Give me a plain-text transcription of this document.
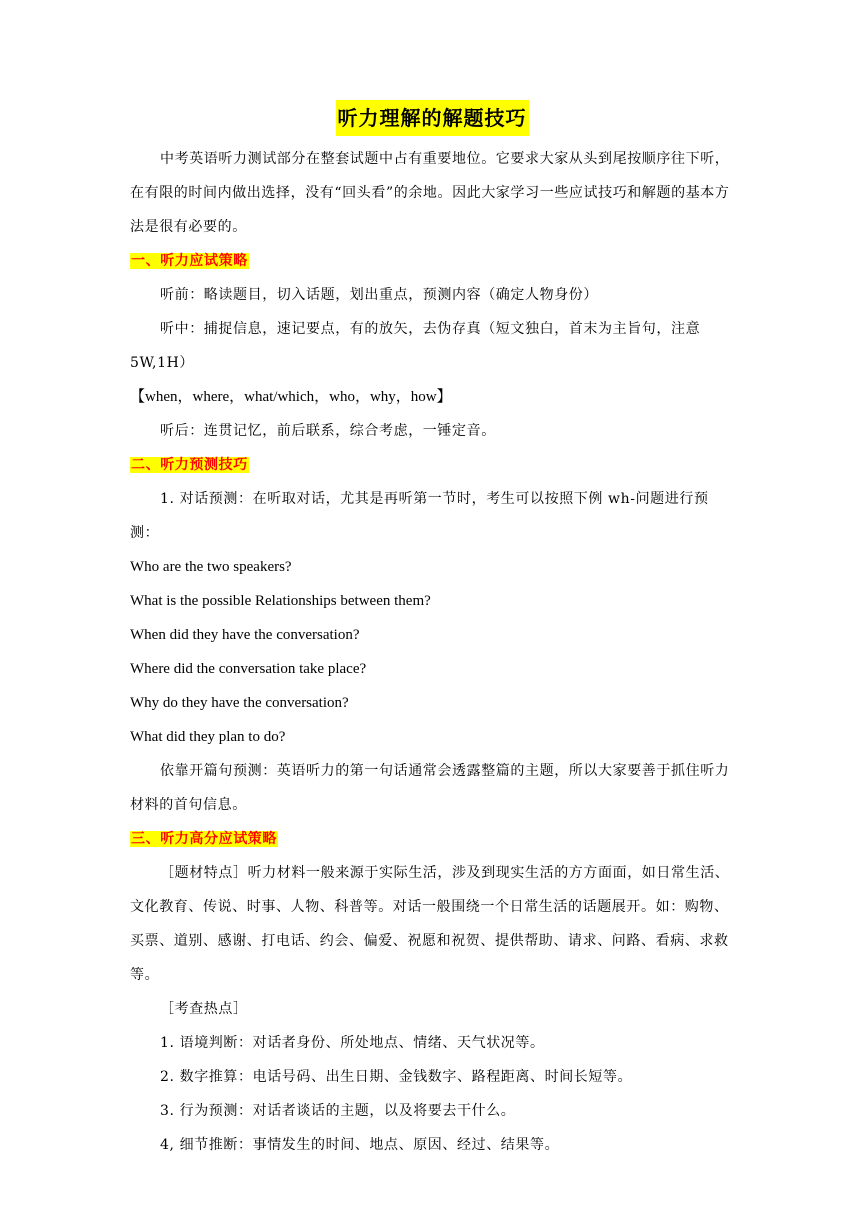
听力理解的解题技巧

中考英语听力测试部分在整套试题中占有重要地位。它要求大家从头到尾按顺序往下听，在有限的时间内做出选择，没有“回头看”的余地。因此大家学习一些应试技巧和解题的基本方法是很有必要的。

一、听力应试策略

听前：略读题目，切入话题，划出重点，预测内容（确定人物身份）

听中：捕捉信息，速记要点，有的放矢，去伪存真（短文独白，首末为主旨句，注意 5W,1H）

【when，where，what/which，who，why，how】

听后：连贯记忆，前后联系，综合考虑，一锤定音。

二、听力预测技巧

1. 对话预测：在听取对话，尤其是再听第一节时，考生可以按照下例 wh-问题进行预测：

Who are the two speakers?

What is the possible Relationships between them?

When did they have the conversation?

Where did the conversation take place?

Why do they have the conversation?

What did they plan to do?

依靠开篇句预测：英语听力的第一句话通常会透露整篇的主题，所以大家要善于抓住听力材料的首句信息。

三、听力高分应试策略

［题材特点］听力材料一般来源于实际生活，涉及到现实生活的方方面面，如日常生活、文化教育、传说、时事、人物、科普等。对话一般围绕一个日常生活的话题展开。如：购物、买票、道别、感谢、打电话、约会、偏爱、祝愿和祝贺、提供帮助、请求、问路、看病、求救等。

［考查热点］

1. 语境判断：对话者身份、所处地点、情绪、天气状况等。

2. 数字推算：电话号码、出生日期、金钱数字、路程距离、时间长短等。

3. 行为预测：对话者谈话的主题，以及将要去干什么。

4, 细节推断：事情发生的时间、地点、原因、经过、结果等。
